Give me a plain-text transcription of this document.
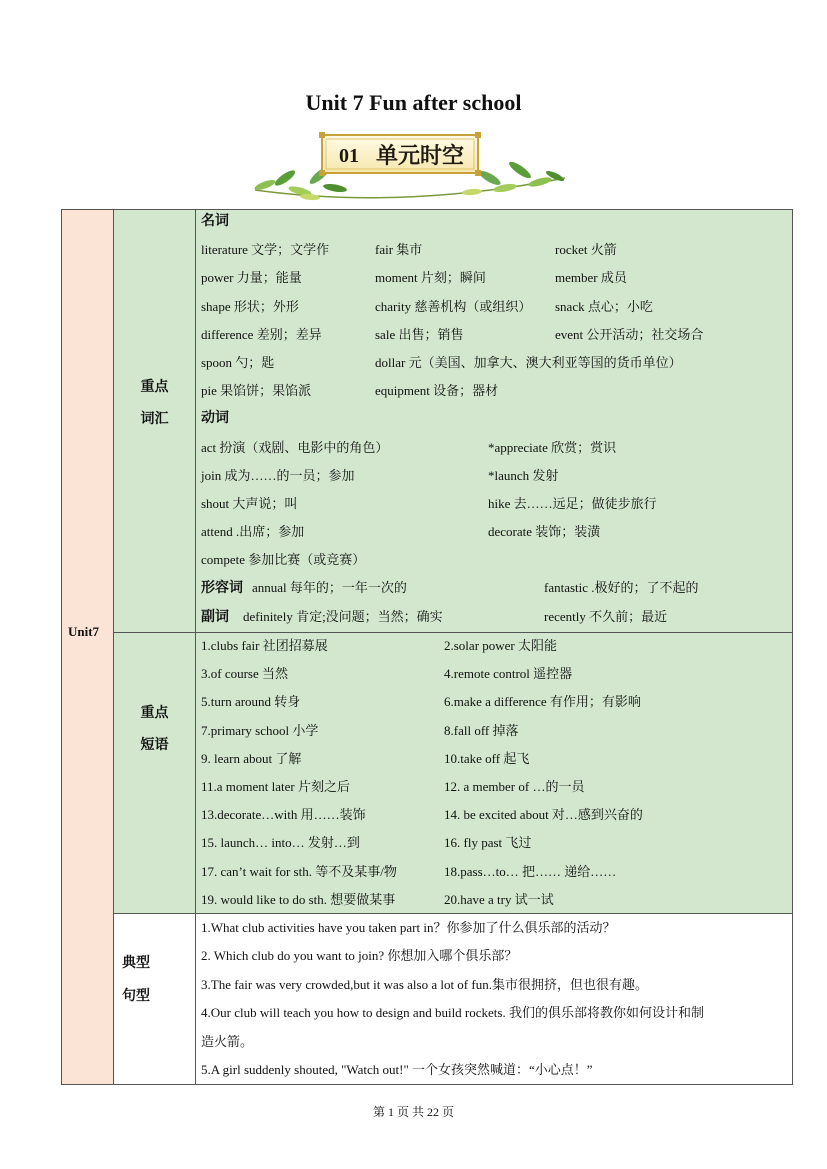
Unit 7 Fun after school
01 单元时空
Unit7
重点
词汇
名词
literature 文学；文学作	fair 集市	rocket 火箭
power 力量；能量	moment 片刻；瞬间	member 成员
shape 形状；外形	charity 慈善机构（或组织） snack 点心；小吃
difference 差别；差异	sale 出售；销售	event 公开活动；社交场合
spoon 勺；匙	dollar 元（美国、加拿大、澳大利亚等国的货币单位）
pie 果馅饼；果馅派	equipment 设备；器材
动词
act 扮演（戏剧、电影中的角色）	*appreciate 欣赏；赏识
join 成为……的一员；参加	*launch 发射
shout 大声说；叫	hike 去……远足；做徒步旅行
attend .出席；参加	decorate 装饰；装潢
compete 参加比赛（或竞赛）
形容词 annual 每年的；一年一次的	fantastic .极好的；了不起的
副词 definitely 肯定;没问题；当然；确实	recently 不久前；最近
重点
短语
1.clubs fair 社团招募展	2.solar power 太阳能
3.of course 当然	4.remote control 遥控器
5.turn around 转身	6.make a difference 有作用；有影响
7.primary school 小学	8.fall off 掉落
9. learn about 了解	10.take off 起飞
11.a moment later 片刻之后	12. a member of …的一员
13.decorate…with 用……装饰	14. be excited about 对…感到兴奋的
15. launch… into… 发射…到	16. fly past 飞过
17. can’t wait for sth. 等不及某事/物	18.pass…to… 把…… 递给……
19. would like to do sth. 想要做某事	20.have a try 试一试
典型
句型
1.What club activities have you taken part in？你参加了什么俱乐部的活动？
2. Which club do you want to join? 你想加入哪个俱乐部？
3.The fair was very crowded,but it was also a lot of fun.集市很拥挤，但也很有趣。
4.Our club will teach you how to design and build rockets. 我们的俱乐部将教你如何设计和制
造火箭。
5.A girl suddenly shouted, "Watch out!" 一个女孩突然喊道：“小心点！”
第 1 页 共 22 页
